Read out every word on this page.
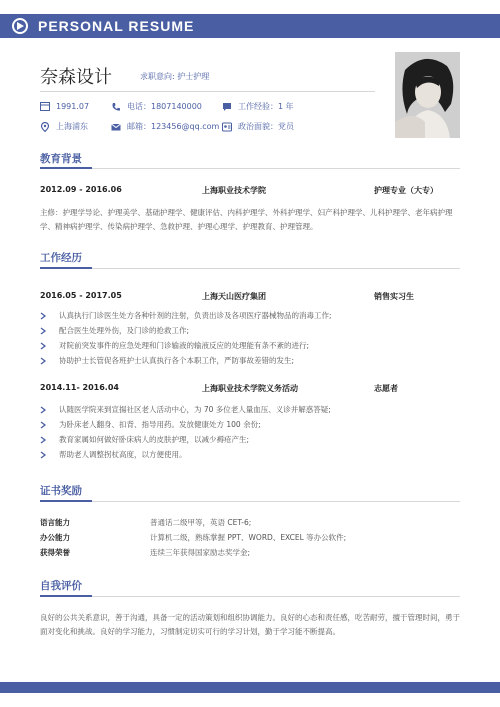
PERSONAL RESUME
奈森设计	求职意向: 护士护理
1991.07	电话：1807140000	工作经验：1 年
上海浦东	邮箱：123456@qq.com 政治面貌：党员
教育背景
2012.09 - 2016.06	上海职业技术学院	护理专业（大专）
主修：护理学导论、护理美学、基础护理学、健康评估、内科护理学、外科护理学、妇产科护理学、儿科护理学、老年病护理学、精神病护理学、传染病护理学、急救护理、护理心理学、护理教育、护理管理。
工作经历
2016.05 - 2017.05	上海天山医疗集团	销售实习生
认真执行门诊医生处方各种针剂的注射，负责出诊及各项医疗器械物品的消毒工作;
配合医生处理外伤，及门诊的抢救工作;
对院前突发事件的应急处理和门诊输液的输液反应的处理能有条不紊的进行;
协助护士长管促各班护士认真执行各个本职工作，严防事故差错的发生;
2014.11- 2016.04	上海职业技术学院义务活动	志愿者
认随医学院来到宣揚社区老人活动中心，为 70 多位老人量血压、义诊并解惑答疑;
为卧床老人翻身、扣背、指导用药。发放健康处方 100 余份;
教育家属如何做好卧床病人的皮肤护理，以减少褥疮产生;
帮助老人调整拐杖高度，以方便使用。
证书奖励
语言能力	普通话二级甲等，英语 CET-6;
办公能力	计算机二级，熟练掌握 PPT、WORD、EXCEL 等办公软件;
获得荣誉	连续三年获得国家励志奖学金;
自我评价
良好的公共关系意识，善于沟通，具备一定的活动策划和组织协调能力。良好的心态和责任感，吃苦耐劳，擅于管理时间，勇于面对变化和挑战。良好的学习能力，习惯制定切实可行的学习计划，勤于学习能不断提高。
